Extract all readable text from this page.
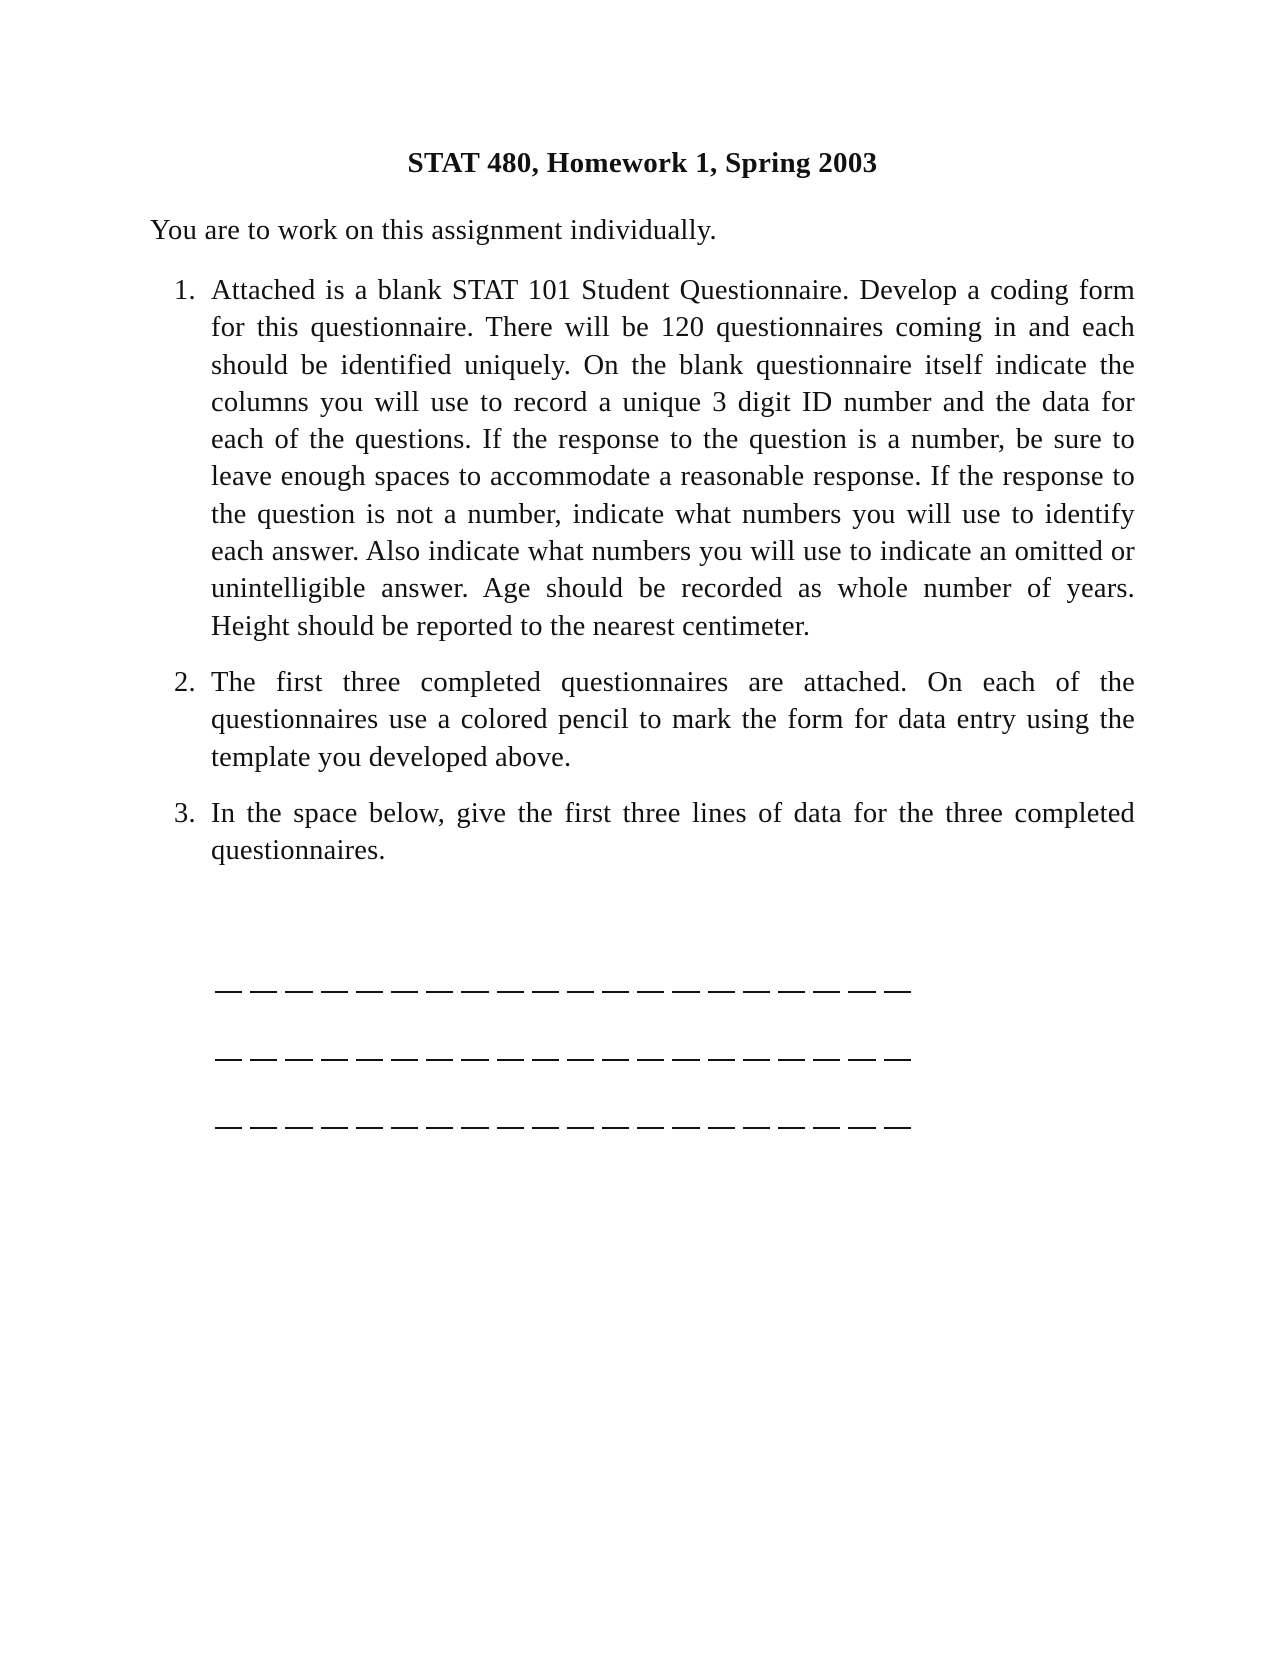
STAT 480, Homework 1, Spring 2003
You are to work on this assignment individually.
1. Attached is a blank STAT 101 Student Questionnaire. Develop a coding form for this questionnaire. There will be 120 questionnaires coming in and each should be identified uniquely. On the blank questionnaire itself indicate the columns you will use to record a unique 3 digit ID number and the data for each of the questions. If the response to the question is a number, be sure to leave enough spaces to accommodate a reasonable response. If the response to the question is not a number, indicate what numbers you will use to identify each answer. Also indicate what numbers you will use to indicate an omitted or unintelligible answer. Age should be recorded as whole number of years. Height should be reported to the nearest centimeter.
2. The first three completed questionnaires are attached. On each of the questionnaires use a colored pencil to mark the form for data entry using the template you developed above.
3. In the space below, give the first three lines of data for the three completed questionnaires.
